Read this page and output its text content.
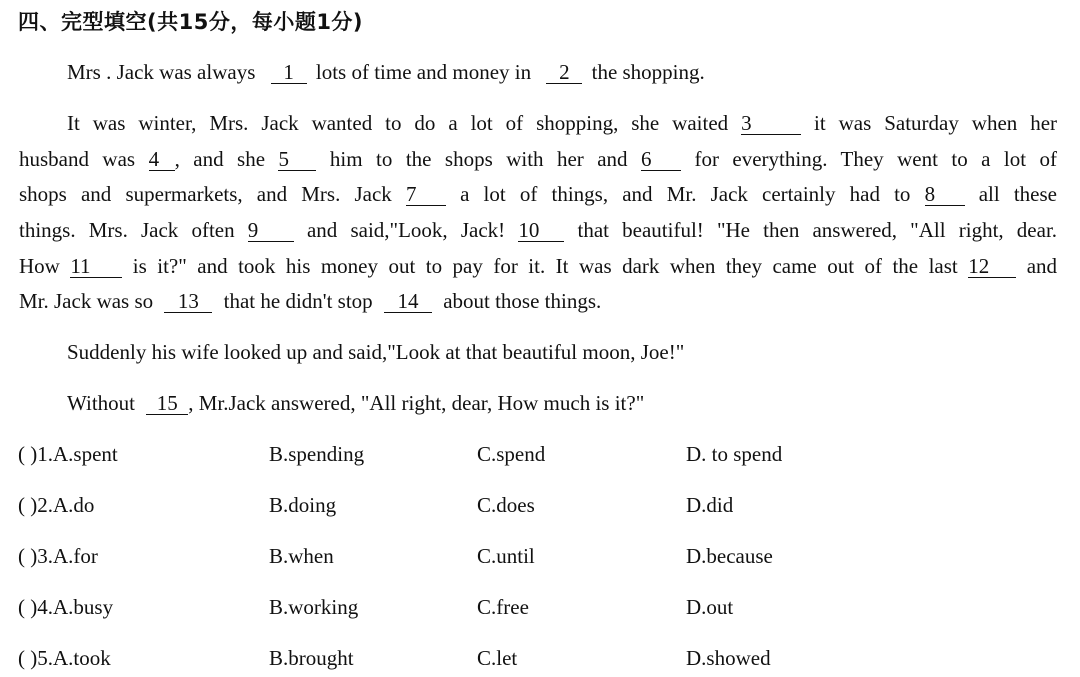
四、完型填空(共15分，每小题1分)
Mrs . Jack was always 1 lots of time and money in 2 the shopping.
It was winter, Mrs. Jack wanted to do a lot of shopping, she waited 3	it was Saturday when her
husband was 4 , and she 5 him to the shops with her and 6 for everything. They went to a lot of
shops and supermarkets, and Mrs. Jack 7 a lot of things, and Mr. Jack certainly had to 8 all these
things. Mrs. Jack often 9 and said,"Look, Jack! 10 that beautiful! "He then answered, "All right, dear.
How 11 is it?" and took his money out to pay for it. It was dark when they came out of the last 12 and
Mr. Jack was so 13 that he didn't stop 14 about those things.
Suddenly his wife looked up and said,"Look at that beautiful moon, Joe!"
Without 15 , Mr.Jack answered, "All right, dear, How much is it?"
( )1.A.spent	B.spending	C.spend	D. to spend
( )2.A.do	B.doing	C.does	D.did
( )3.A.for	B.when	C.until	D.because
( )4.A.busy	B.working	C.free	D.out
( )5.A.took	B.brought	C.let	D.showed
